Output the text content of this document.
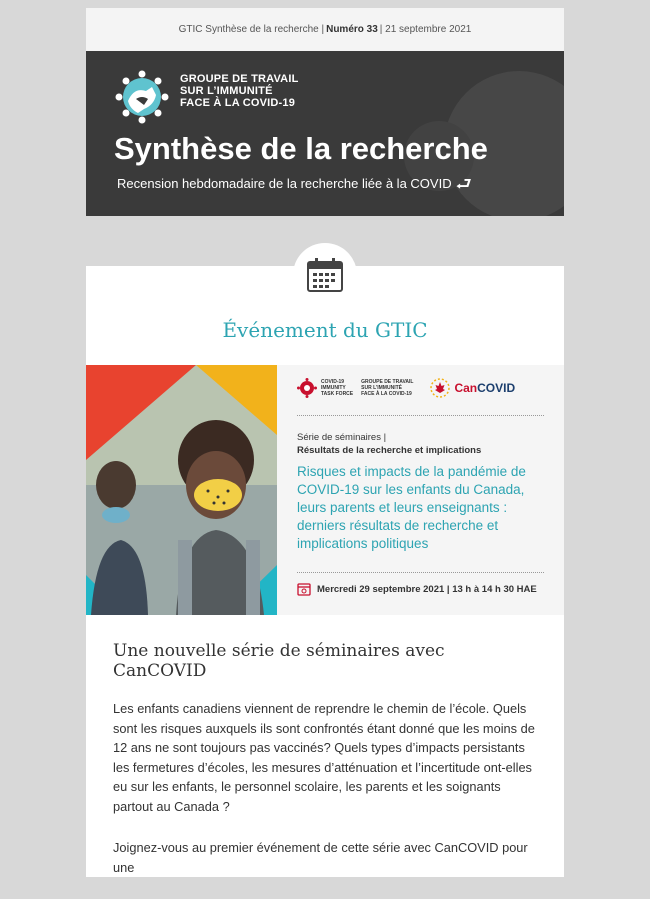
GTIC Synthèse de la recherche | Numéro 33 | 21 septembre 2021
GROUPE DE TRAVAIL
SUR L’IMMUNITÉ
FACE À LA COVID-19
Synthèse de la recherche
Recension hebdomadaire de la recherche liée à la COVID ⮐
Événement du GTIC
COVID-19
IMMUNITY
TASK FORCE
GROUPE DE TRAVAIL
SUR L’IMMUNITÉ
FACE À LA COVID-19	Can COVID
Série de séminaires |
Résultats de la recherche et implications
Risques et impacts de la pandémie de COVID-19 sur les enfants du Canada, leurs parents et leurs enseignants : derniers résultats de recherche et implications politiques
Mercredi 29 septembre 2021
| 13 h à 14 h 30 HAE
Une nouvelle série de séminaires avec CanCOVID

Les enfants canadiens viennent de reprendre le chemin de l’école. Quels sont les risques auxquels ils sont confrontés étant donné que les moins de 12 ans ne sont toujours pas vaccinés? Quels types d’impacts persistants les fermetures d’écoles, les mesures d’atténuation et l’incertitude ont-elles eu sur les enfants, le personnel scolaire, les parents et les soignants partout au Canada ?

Joignez-vous au premier événement de cette série avec CanCOVID pour une
